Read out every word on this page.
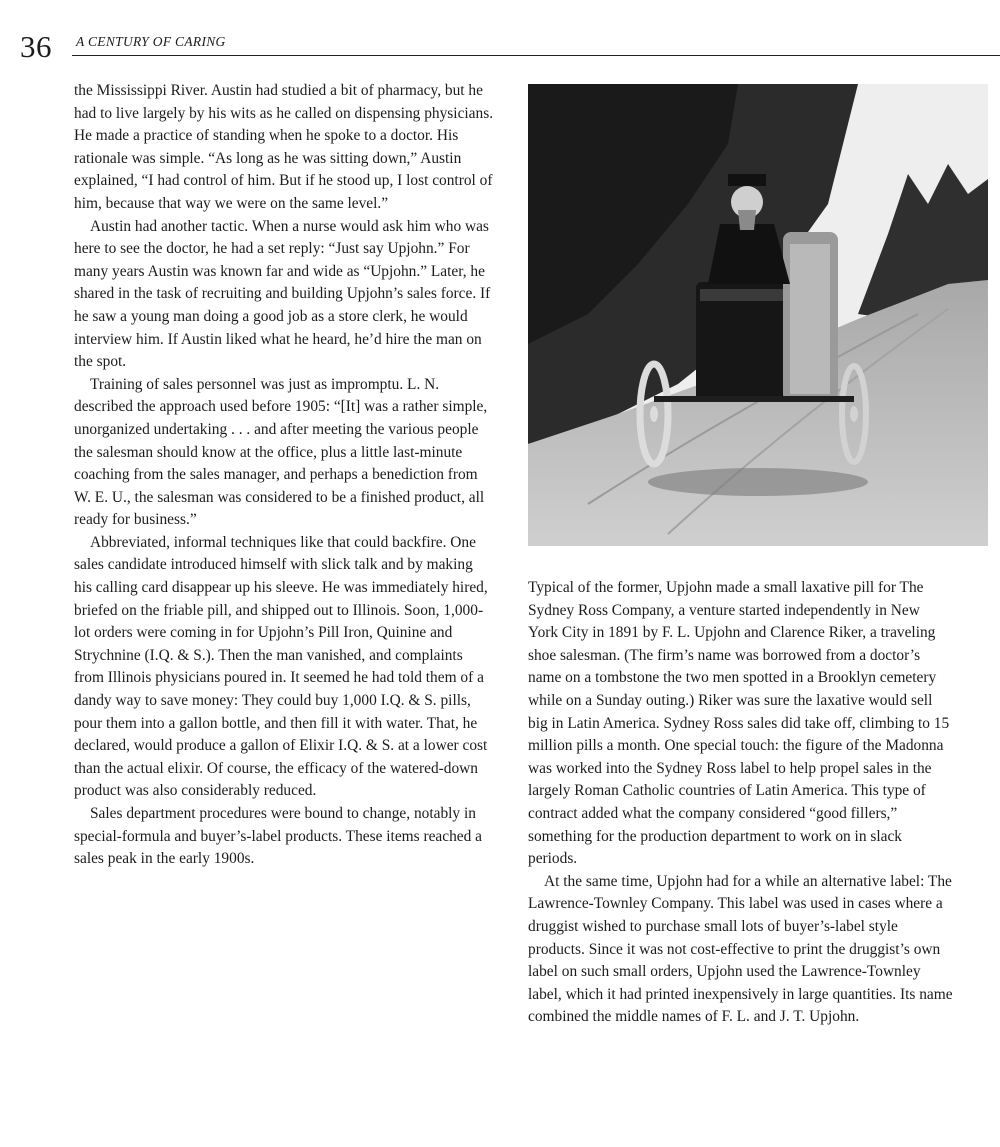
36 A CENTURY OF CARING

the Mississippi River. Austin had studied a bit of pharmacy, but he had to live largely by his wits as he called on dispensing physicians. He made a practice of standing when he spoke to a doctor. His rationale was simple. “As long as he was sitting down,” Austin explained, “I had control of him. But if he stood up, I lost control of him, because that way we were on the same level.”

Austin had another tactic. When a nurse would ask him who was here to see the doctor, he had a set reply: “Just say Upjohn.” For many years Austin was known far and wide as “Upjohn.” Later, he shared in the task of recruiting and building Upjohn’s sales force. If he saw a young man doing a good job as a store clerk, he would interview him. If Austin liked what he heard, he’d hire the man on the spot.

Training of sales personnel was just as impromptu. L. N. described the approach used before 1905: “[It] was a rather simple, unorganized undertaking . . . and after meeting the various people the salesman should know at the office, plus a little last-minute coaching from the sales manager, and perhaps a benediction from W. E. U., the salesman was considered to be a finished product, all ready for business.”

Abbreviated, informal techniques like that could backfire. One sales candidate introduced himself with slick talk and by making his calling card disappear up his sleeve. He was immediately hired, briefed on the friable pill, and shipped out to Illinois. Soon, 1,000-lot orders were coming in for Upjohn’s Pill Iron, Quinine and Strychnine (I.Q. & S.). Then the man vanished, and complaints from Illinois physicians poured in. It seemed he had told them of a dandy way to save money: They could buy 1,000 I.Q. & S. pills, pour them into a gallon bottle, and then fill it with water. That, he declared, would produce a gallon of Elixir I.Q. & S. at a lower cost than the actual elixir. Of course, the efficacy of the watered-down product was also considerably reduced.

Sales department procedures were bound to change, notably in special-formula and buyer’s-label products. These items reached a sales peak in the early 1900s.

Typical of the former, Upjohn made a small laxative pill for The Sydney Ross Company, a venture started independently in New York City in 1891 by F. L. Upjohn and Clarence Riker, a traveling shoe salesman. (The firm’s name was borrowed from a doctor’s name on a tombstone the two men spotted in a Brooklyn cemetery while on a Sunday outing.) Riker was sure the laxative would sell big in Latin America. Sydney Ross sales did take off, climbing to 15 million pills a month. One special touch: the figure of the Madonna was worked into the Sydney Ross label to help propel sales in the largely Roman Catholic countries of Latin America. This type of contract added what the company considered “good fillers,” something for the production department to work on in slack periods.

At the same time, Upjohn had for a while an alternative label: The Lawrence-Townley Company. This label was used in cases where a druggist wished to purchase small lots of buyer’s-label style products. Since it was not cost-effective to print the druggist’s own label on such small orders, Upjohn used the Lawrence-Townley label, which it had printed inexpensively in large quantities. Its name combined the middle names of F. L. and J. T. Upjohn.
